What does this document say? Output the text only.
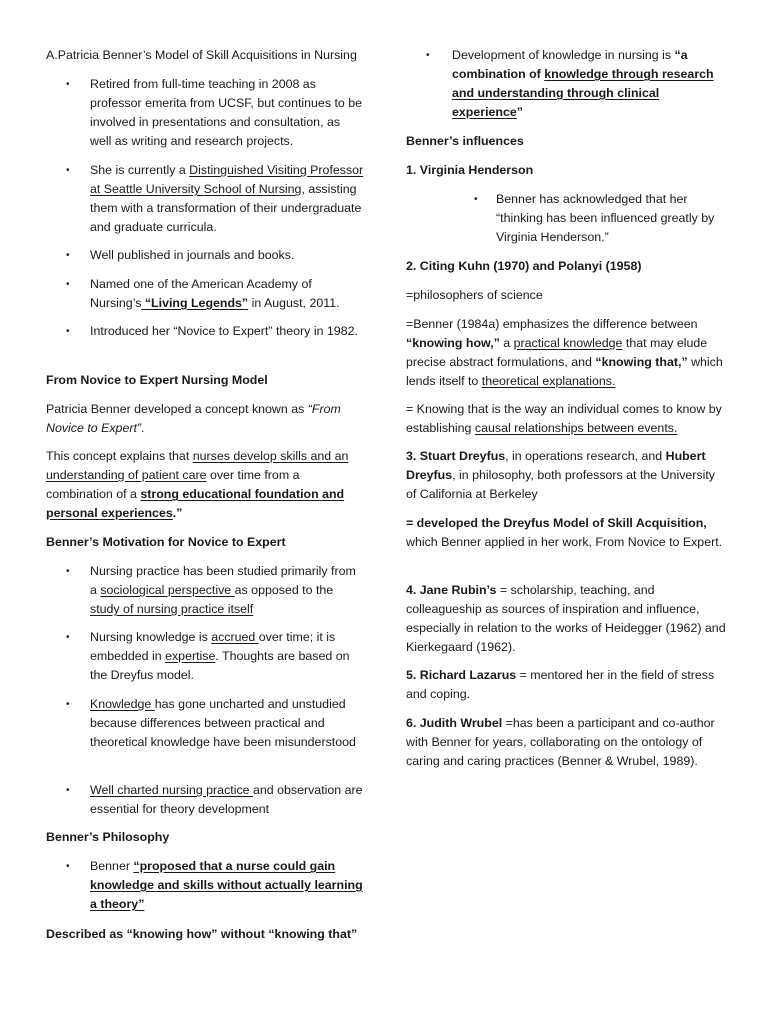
A.Patricia Benner’s Model of Skill Acquisitions in Nursing
• Retired from full-time teaching in 2008 as professor emerita from UCSF, but continues to be involved in presentations and consultation, as well as writing and research projects.
• She is currently a Distinguished Visiting Professor at Seattle University School of Nursing, assisting them with a transformation of their undergraduate and graduate curricula.
• Well published in journals and books.
• Named one of the American Academy of Nursing’s “Living Legends” in August, 2011.
• Introduced her “Novice to Expert” theory in 1982.
From Novice to Expert Nursing Model
Patricia Benner developed a concept known as “From Novice to Expert”.
This concept explains that nurses develop skills and an understanding of patient care over time from a combination of a strong educational foundation and personal experiences.”
Benner’s Motivation for Novice to Expert
• Nursing practice has been studied primarily from a sociological perspective as opposed to the study of nursing practice itself
• Nursing knowledge is accrued over time; it is embedded in expertise. Thoughts are based on the Dreyfus model.
• Knowledge has gone uncharted and unstudied because differences between practical and theoretical knowledge have been misunderstood
• Well charted nursing practice and observation are essential for theory development
Benner’s Philosophy
• Benner “proposed that a nurse could gain knowledge and skills without actually learning a theory”
Described as “knowing how” without “knowing that”
• Development of knowledge in nursing is “a combination of knowledge through research and understanding through clinical experience”
Benner’s influences
1. Virginia Henderson
• Benner has acknowledged that her “thinking has been influenced greatly by Virginia Henderson.”
2. Citing Kuhn (1970) and Polanyi (1958)
=philosophers of science
=Benner (1984a) emphasizes the difference between “knowing how,” a practical knowledge that may elude precise abstract formulations, and “knowing that,” which lends itself to theoretical explanations.
= Knowing that is the way an individual comes to know by establishing causal relationships between events.
3. Stuart Dreyfus, in operations research, and Hubert Dreyfus, in philosophy, both professors at the University of California at Berkeley
= developed the Dreyfus Model of Skill Acquisition, which Benner applied in her work, From Novice to Expert.
4. Jane Rubin’s = scholarship, teaching, and colleagueship as sources of inspiration and influence, especially in relation to the works of Heidegger (1962) and Kierkegaard (1962).
5. Richard Lazarus = mentored her in the field of stress and coping.
6. Judith Wrubel =has been a participant and co-author with Benner for years, collaborating on the ontology of caring and caring practices (Benner & Wrubel, 1989).
